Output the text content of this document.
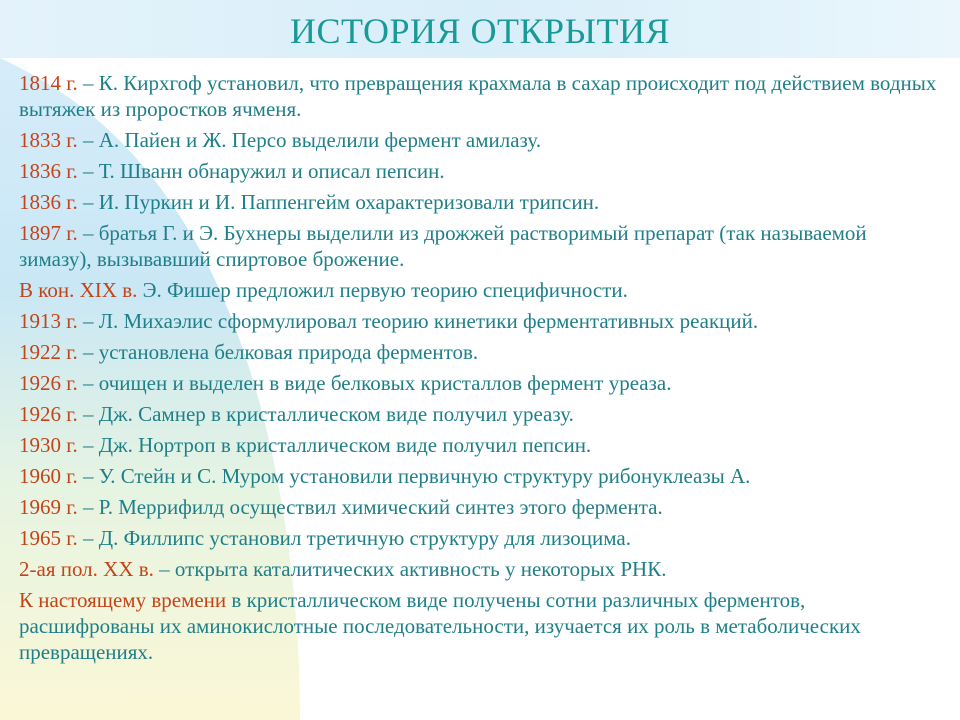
ИСТОРИЯ ОТКРЫТИЯ
1814 г. – К. Кирхгоф установил, что превращения крахмала в сахар происходит под действием водных вытяжек из проростков ячменя.
1833 г. – А. Пайен и Ж. Персо выделили фермент амилазу.
1836 г. – Т. Шванн обнаружил и описал пепсин.
1836 г. – И. Пуркин и И. Паппенгейм охарактеризовали трипсин.
1897 г. – братья Г. и Э. Бухнеры выделили из дрожжей растворимый препарат (так называемой зимазу), вызывавший спиртовое брожение.
В кон. XIX в. Э. Фишер предложил первую теорию специфичности.
1913 г. – Л. Михаэлис сформулировал теорию кинетики ферментативных реакций.
1922 г. – установлена белковая природа ферментов.
1926 г. – очищен и выделен в виде белковых кристаллов фермент уреаза.
1926 г. – Дж. Самнер в кристаллическом виде получил уреазу.
1930 г. – Дж. Нортроп в кристаллическом виде получил пепсин.
1960 г. – У. Стейн и С. Муром установили первичную структуру рибонуклеазы А.
1969 г. – Р. Меррифилд осуществил химический синтез этого фермента.
1965 г. – Д. Филлипс установил третичную структуру для лизоцима.
2-ая пол. XX в. – открыта каталитических активность у некоторых РНК.
К настоящему времени в кристаллическом виде получены сотни различных ферментов, расшифрованы их аминокислотные последовательности, изучается их роль в метаболических превращениях.
